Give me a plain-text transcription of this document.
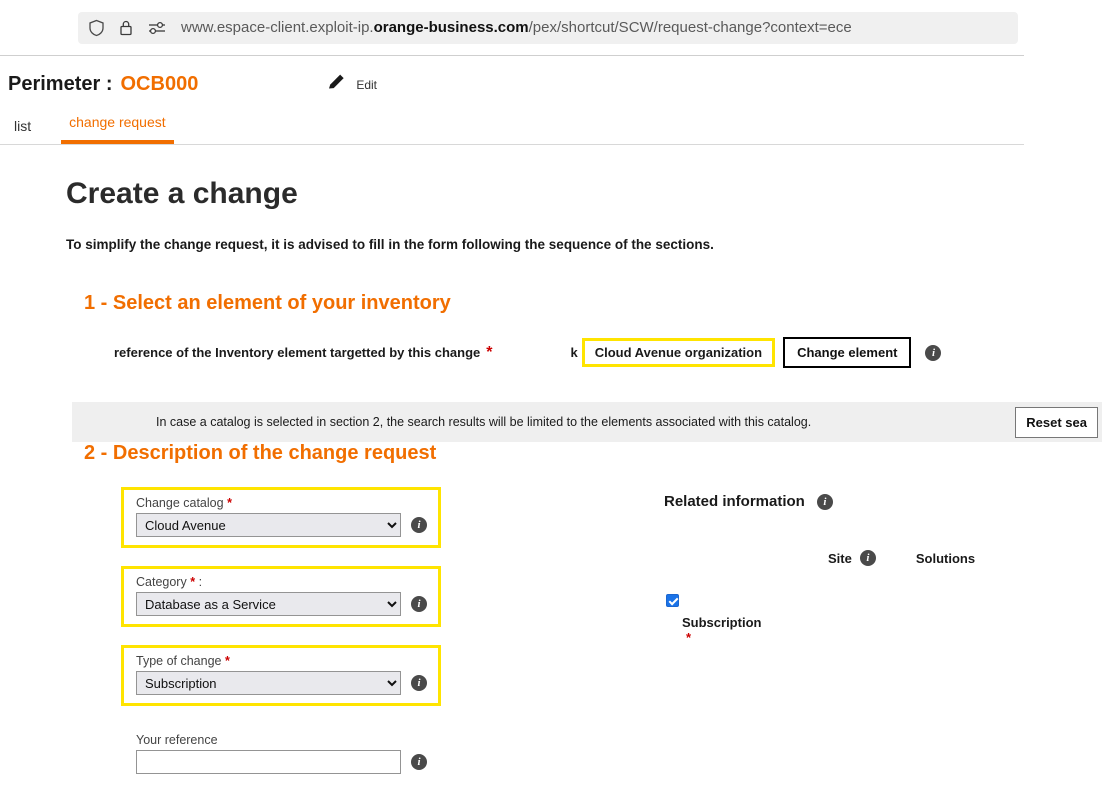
www.espace-client.exploit-ip.orange-business.com/pex/shortcut/SCW/request-change?context=ece
Perimeter : OCB000	Edit
list	change request
Create a change

To simplify the change request, it is advised to fill in the form following the sequence of the sections.

1 - Select an element of your inventory
reference of the Inventory element targetted by this change *	k	Cloud Avenue organization	Change element	i
In case a catalog is selected in section 2, the search results will be limited to the elements associated with this catalog.	Reset sea
2 - Description of the change request
Change catalog *
Cloud Avenue
i
Category * :
Database as a Service
i
Type of change *
Subscription
i
Your reference
i
Related information	i
Site	i	Solutions
Subscription
*
